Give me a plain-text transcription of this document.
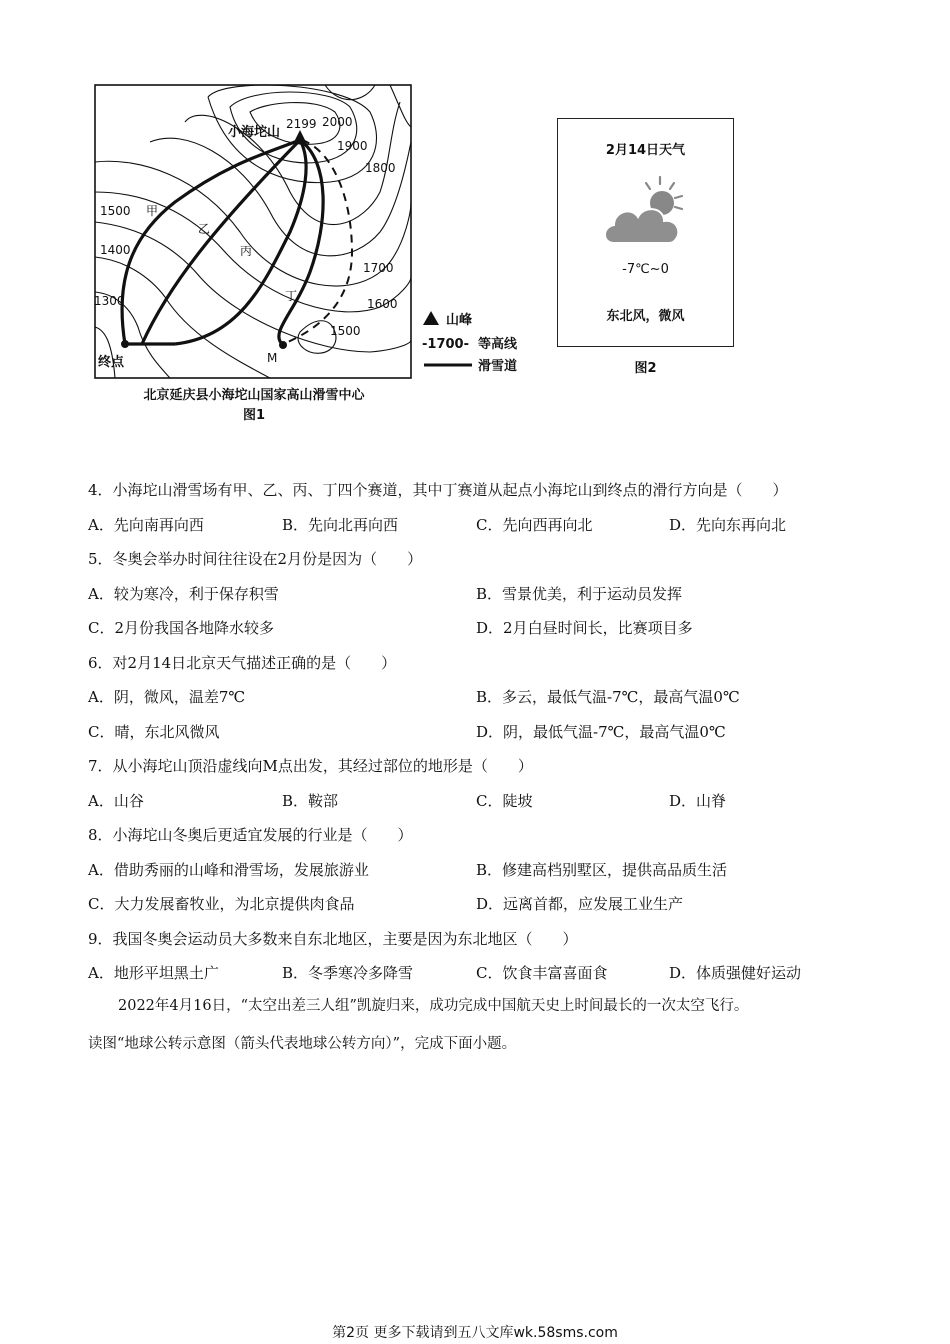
小海坨山
2199 2000
1900
1800
1700
1600
1500
1500
1400
1300
甲
乙
丙
丁
终点	M
山峰
-1700- 等高线
滑雪道
北京延庆县小海坨山国家高山滑雪中心
图1
2月14日天气
-7℃~0
东北风，微风
图2
4．小海坨山滑雪场有甲、乙、丙、丁四个赛道，其中丁赛道从起点小海坨山到终点的滑行方向是（　　）
A．先向南再向西	B．先向北再向西	C．先向西再向北	D．先向东再向北
5．冬奥会举办时间往往设在2月份是因为（　　）
A．较为寒冷，利于保存积雪	B．雪景优美，利于运动员发挥
C．2月份我国各地降水较多	D．2月白昼时间长，比赛项目多
6．对2月14日北京天气描述正确的是（　　）
A．阴，微风，温差7℃	B．多云，最低气温-7℃，最高气温0℃
C．晴，东北风微风	D．阴，最低气温-7℃，最高气温0℃
7．从小海坨山顶沿虚线向M点出发，其经过部位的地形是（　　）
A．山谷	B．鞍部	C．陡坡	D．山脊
8．小海坨山冬奥后更适宜发展的行业是（　　）
A．借助秀丽的山峰和滑雪场，发展旅游业	B．修建高档别墅区，提供高品质生活
C．大力发展畜牧业，为北京提供肉食品	D．远离首都，应发展工业生产
9．我国冬奥会运动员大多数来自东北地区，主要是因为东北地区（　　）
A．地形平坦黑土广	B．冬季寒冷多降雪	C．饮食丰富喜面食	D．体质强健好运动
2022年4月16日，“太空出差三人组”凯旋归来，成功完成中国航天史上时间最长的一次太空飞行。
读图“地球公转示意图（箭头代表地球公转方向）”，完成下面小题。
第2页 更多下载请到五八文库wk.58sms.com
